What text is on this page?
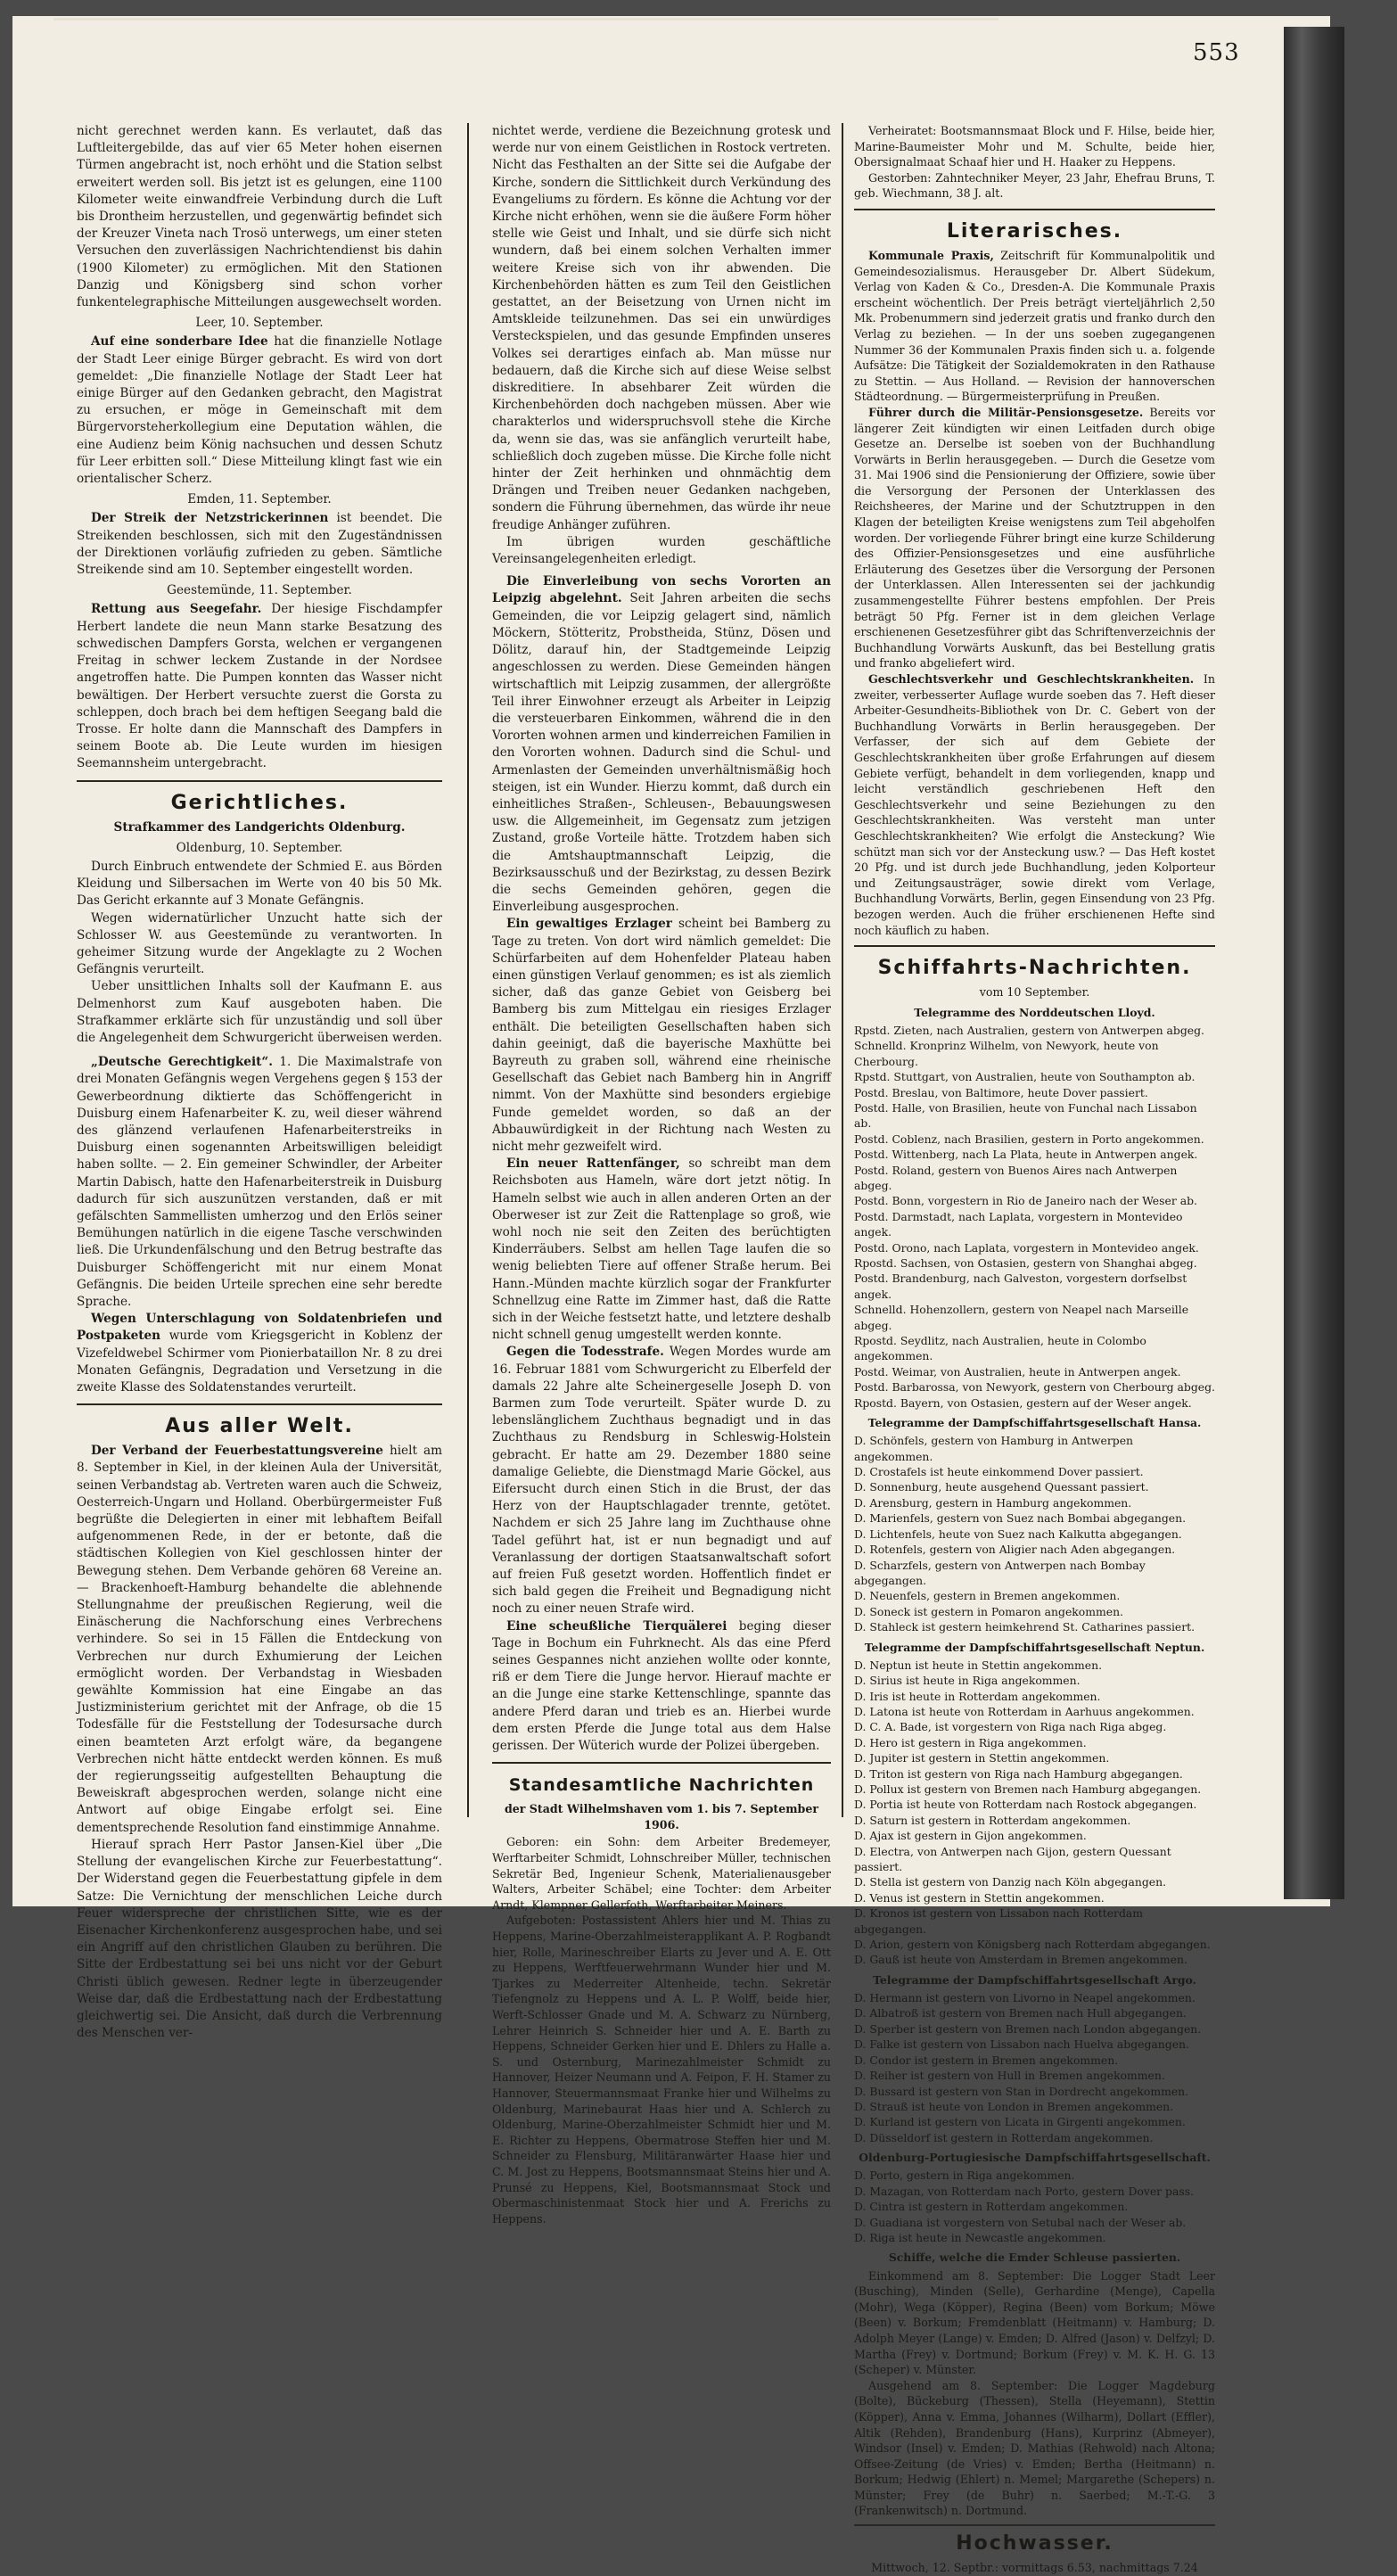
553

nicht gerechnet werden kann. Es verlautet, daß das Luftleitergebilde, das auf vier 65 Meter hohen eisernen Türmen angebracht ist, noch erhöht und die Station selbst erweitert werden soll. Bis jetzt ist es gelungen, eine 1100 Kilometer weite einwandfreie Verbindung durch die Luft bis Drontheim herzustellen, und gegenwärtig befindet sich der Kreuzer Vineta nach Trosö unterwegs, um einer steten Versuchen den zuverlässigen Nachrichtendienst bis dahin (1900 Kilometer) zu ermöglichen. Mit den Stationen Danzig und Königsberg sind schon vorher funkentelegraphische Mitteilungen ausgewechselt worden.

Leer, 10. September.

Auf eine sonderbare Idee hat die finanzielle Notlage der Stadt Leer einige Bürger gebracht. Es wird von dort gemeldet: „Die finanzielle Notlage der Stadt Leer hat einige Bürger auf den Gedanken gebracht, den Magistrat zu ersuchen, er möge in Gemeinschaft mit dem Bürgervorsteherkollegium eine Deputation wählen, die eine Audienz beim König nachsuchen und dessen Schutz für Leer erbitten soll.“ Diese Mitteilung klingt fast wie ein orientalischer Scherz.

Emden, 11. September.

Der Streik der Netzstrickerinnen ist beendet. Die Streikenden beschlossen, sich mit den Zugeständnissen der Direktionen vorläufig zufrieden zu geben. Sämtliche Streikende sind am 10. September eingestellt worden.

Geestemünde, 11. September.

Rettung aus Seegefahr. Der hiesige Fischdampfer Herbert landete die neun Mann starke Besatzung des schwedischen Dampfers Gorsta, welchen er vergangenen Freitag in schwer leckem Zustande in der Nordsee angetroffen hatte. Die Pumpen konnten das Wasser nicht bewältigen. Der Herbert versuchte zuerst die Gorsta zu schleppen, doch brach bei dem heftigen Seegang bald die Trosse. Er holte dann die Mannschaft des Dampfers in seinem Boote ab. Die Leute wurden im hiesigen Seemannsheim untergebracht.

Gerichtliches.
Strafkammer des Landgerichts Oldenburg.
Oldenburg, 10. September.

Durch Einbruch entwendete der Schmied E. aus Börden Kleidung und Silbersachen im Werte von 40 bis 50 Mk. Das Gericht erkannte auf 3 Monate Gefängnis.

Wegen widernatürlicher Unzucht hatte sich der Schlosser W. aus Geestemünde zu verantworten. In geheimer Sitzung wurde der Angeklagte zu 2 Wochen Gefängnis verurteilt.

Ueber unsittlichen Inhalts soll der Kaufmann E. aus Delmenhorst zum Kauf ausgeboten haben. Die Strafkammer erklärte sich für unzuständig und soll über die Angelegenheit dem Schwurgericht überweisen werden.

„Deutsche Gerechtigkeit“. 1. Die Maximalstrafe von drei Monaten Gefängnis wegen Vergehens gegen § 153 der Gewerbeordnung diktierte das Schöffengericht in Duisburg einem Hafenarbeiter K. zu, weil dieser während des glänzend verlaufenen Hafenarbeiterstreiks in Duisburg einen sogenannten Arbeitswilligen beleidigt haben sollte. — 2. Ein gemeiner Schwindler, der Arbeiter Martin Dabisch, hatte den Hafenarbeiterstreik in Duisburg dadurch für sich auszunützen verstanden, daß er mit gefälschten Sammellisten umherzog und den Erlös seiner Bemühungen natürlich in die eigene Tasche verschwinden ließ. Die Urkundenfälschung und den Betrug bestrafte das Duisburger Schöffengericht mit nur einem Monat Gefängnis. Die beiden Urteile sprechen eine sehr beredte Sprache.

Wegen Unterschlagung von Soldatenbriefen und Postpaketen wurde vom Kriegsgericht in Koblenz der Vizefeldwebel Schirmer vom Pionierbataillon Nr. 8 zu drei Monaten Gefängnis, Degradation und Versetzung in die zweite Klasse des Soldatenstandes verurteilt.

Aus aller Welt.

Der Verband der Feuerbestattungsvereine hielt am 8. September in Kiel, in der kleinen Aula der Universität, seinen Verbandstag ab. Vertreten waren auch die Schweiz, Oesterreich-Ungarn und Holland. Oberbürgermeister Fuß begrüßte die Delegierten in einer mit lebhaftem Beifall aufgenommenen Rede, in der er betonte, daß die städtischen Kollegien von Kiel geschlossen hinter der Bewegung stehen. Dem Verbande gehören 68 Vereine an. — Brackenhoeft-Hamburg behandelte die ablehnende Stellungnahme der preußischen Regierung, weil die Einäscherung die Nachforschung eines Verbrechens verhindere. So sei in 15 Fällen die Entdeckung von Verbrechen nur durch Exhumierung der Leichen ermöglicht worden. Der Verbandstag in Wiesbaden gewählte Kommission hat eine Eingabe an das Justizministerium gerichtet mit der Anfrage, ob die 15 Todesfälle für die Feststellung der Todesursache durch einen beamteten Arzt erfolgt wäre, da begangene Verbrechen nicht hätte entdeckt werden können. Es muß der regierungsseitig aufgestellten Behauptung die Beweiskraft abgesprochen werden, solange nicht eine Antwort auf obige Eingabe erfolgt sei. Eine dementsprechende Resolution fand einstimmige Annahme.

Hierauf sprach Herr Pastor Jansen-Kiel über „Die Stellung der evangelischen Kirche zur Feuerbestattung“. Der Widerstand gegen die Feuerbestattung gipfele in dem Satze: Die Vernichtung der menschlichen Leiche durch Feuer widerspreche der christlichen Sitte, wie es der Eisenacher Kirchenkonferenz ausgesprochen habe, und sei ein Angriff auf den christlichen Glauben zu berühren. Die Sitte der Erdbestattung sei bei uns nicht vor der Geburt Christi üblich gewesen. Redner legte in überzeugender Weise dar, daß die Erdbestattung nach der Erdbestattung gleichwertig sei. Die Ansicht, daß durch die Verbrennung des Menschen ver-

nichtet werde, verdiene die Bezeichnung grotesk und werde nur von einem Geistlichen in Rostock vertreten. Nicht das Festhalten an der Sitte sei die Aufgabe der Kirche, sondern die Sittlichkeit durch Verkündung des Evangeliums zu fördern. Es könne die Achtung vor der Kirche nicht erhöhen, wenn sie die äußere Form höher stelle wie Geist und Inhalt, und sie dürfe sich nicht wundern, daß bei einem solchen Verhalten immer weitere Kreise sich von ihr abwenden. Die Kirchenbehörden hätten es zum Teil den Geistlichen gestattet, an der Beisetzung von Urnen nicht im Amtskleide teilzunehmen. Das sei ein unwürdiges Versteckspielen, und das gesunde Empfinden unseres Volkes sei derartiges einfach ab. Man müsse nur bedauern, daß die Kirche sich auf diese Weise selbst diskreditiere. In absehbarer Zeit würden die Kirchenbehörden doch nachgeben müssen. Aber wie charakterlos und widerspruchsvoll stehe die Kirche da, wenn sie das, was sie anfänglich verurteilt habe, schließlich doch zugeben müsse. Die Kirche folle nicht hinter der Zeit herhinken und ohnmächtig dem Drängen und Treiben neuer Gedanken nachgeben, sondern die Führung übernehmen, das würde ihr neue freudige Anhänger zuführen.

Im übrigen wurden geschäftliche Vereinsangelegenheiten erledigt.

Die Einverleibung von sechs Vororten an Leipzig abgelehnt. Seit Jahren arbeiten die sechs Gemeinden, die vor Leipzig gelagert sind, nämlich Möckern, Stötteritz, Probstheida, Stünz, Dösen und Dölitz, darauf hin, der Stadtgemeinde Leipzig angeschlossen zu werden. Diese Gemeinden hängen wirtschaftlich mit Leipzig zusammen, der allergrößte Teil ihrer Einwohner erzeugt als Arbeiter in Leipzig die versteuerbaren Einkommen, während die in den Vororten wohnen armen und kinderreichen Familien in den Vororten wohnen. Dadurch sind die Schul- und Armenlasten der Gemeinden unverhältnismäßig hoch steigen, ist ein Wunder. Hierzu kommt, daß durch ein einheitliches Straßen-, Schleusen-, Bebauungswesen usw. die Allgemeinheit, im Gegensatz zum jetzigen Zustand, große Vorteile hätte. Trotzdem haben sich die Amtshauptmannschaft Leipzig, die Bezirksausschuß und der Bezirkstag, zu dessen Bezirk die sechs Gemeinden gehören, gegen die Einverleibung ausgesprochen.

Ein gewaltiges Erzlager scheint bei Bamberg zu Tage zu treten. Von dort wird nämlich gemeldet: Die Schürfarbeiten auf dem Hohenfelder Plateau haben einen günstigen Verlauf genommen; es ist als ziemlich sicher, daß das ganze Gebiet von Geisberg bei Bamberg bis zum Mittelgau ein riesiges Erzlager enthält. Die beteiligten Gesellschaften haben sich dahin geeinigt, daß die bayerische Maxhütte bei Bayreuth zu graben soll, während eine rheinische Gesellschaft das Gebiet nach Bamberg hin in Angriff nimmt. Von der Maxhütte sind besonders ergiebige Funde gemeldet worden, so daß an der Abbauwürdigkeit in der Richtung nach Westen zu nicht mehr gezweifelt wird.

Ein neuer Rattenfänger, so schreibt man dem Reichsboten aus Hameln, wäre dort jetzt nötig. In Hameln selbst wie auch in allen anderen Orten an der Oberweser ist zur Zeit die Rattenplage so groß, wie wohl noch nie seit den Zeiten des berüchtigten Kinderräubers. Selbst am hellen Tage laufen die so wenig beliebten Tiere auf offener Straße herum. Bei Hann.-Münden machte kürzlich sogar der Frankfurter Schnellzug eine Ratte im Zimmer hast, daß die Ratte sich in der Weiche festsetzt hatte, und letztere deshalb nicht schnell genug umgestellt werden konnte.

Gegen die Todesstrafe. Wegen Mordes wurde am 16. Februar 1881 vom Schwurgericht zu Elberfeld der damals 22 Jahre alte Scheinergeselle Joseph D. von Barmen zum Tode verurteilt. Später wurde D. zu lebenslänglichem Zuchthaus begnadigt und in das Zuchthaus zu Rendsburg in Schleswig-Holstein gebracht. Er hatte am 29. Dezember 1880 seine damalige Geliebte, die Dienstmagd Marie Göckel, aus Eifersucht durch einen Stich in die Brust, der das Herz von der Hauptschlagader trennte, getötet. Nachdem er sich 25 Jahre lang im Zuchthause ohne Tadel geführt hat, ist er nun begnadigt und auf Veranlassung der dortigen Staatsanwaltschaft sofort auf freien Fuß gesetzt worden. Hoffentlich findet er sich bald gegen die Freiheit und Begnadigung nicht noch zu einer neuen Strafe wird.

Eine scheußliche Tierquälerei beging dieser Tage in Bochum ein Fuhrknecht. Als das eine Pferd seines Gespannes nicht anziehen wollte oder konnte, riß er dem Tiere die Junge hervor. Hierauf machte er an die Junge eine starke Kettenschlinge, spannte das andere Pferd daran und trieb es an. Hierbei wurde dem ersten Pferde die Junge total aus dem Halse gerissen. Der Wüterich wurde der Polizei übergeben.

Standesamtliche Nachrichten
der Stadt Wilhelmshaven vom 1. bis 7. September 1906.

Geboren: ein Sohn: dem Arbeiter Bredemeyer, Werftarbeiter Schmidt, Lohnschreiber Müller, technischen Sekretär Bed, Ingenieur Schenk, Materialienausgeber Walters, Arbeiter Schäbel; eine Tochter: dem Arbeiter Arndt, Klempner Gellerfoth, Werftarbeiter Meiners.

Aufgeboten: Postassistent Ahlers hier und M. Thias zu Heppens, Marine-Oberzahlmeisterapplikant A. P. Rogbandt hier, Rolle, Marineschreiber Elarts zu Jever und A. E. Ott zu Heppens, Werftfeuerwehrmann Wunder hier und M. Tjarkes zu Mederreiter Altenheide, techn. Sekretär Tiefengnolz zu Heppens und A. L. P. Wolff, beide hier, Werft-Schlosser Gnade und M. A. Schwarz zu Nürnberg, Lehrer Heinrich S. Schneider hier und A. E. Barth zu Heppens, Schneider Gerken hier und E. Dhlers zu Halle a. S. und Osternburg, Marinezahlmeister Schmidt zu Hannover, Heizer Neumann und A. Feipon, F. H. Stamer zu Hannover, Steuermannsmaat Franke hier und Wilhelms zu Oldenburg, Marinebaurat Haas hier und A. Schlerch zu Oldenburg, Marine-Oberzahlmeister Schmidt hier und M. E. Richter zu Heppens, Obermatrose Steffen hier und M. Schneider zu Flensburg, Militäranwärter Haase hier und C. M. Jost zu Heppens, Bootsmannsmaat Steins hier und A. Prunsé zu Heppens, Kiel, Bootsmannsmaat Stock und Obermaschinistenmaat Stock hier und A. Frerichs zu Heppens.

Verheiratet: Bootsmannsmaat Block und F. Hilse, beide hier, Marine-Baumeister Mohr und M. Schulte, beide hier, Obersignalmaat Schaaf hier und H. Haaker zu Heppens.

Gestorben: Zahntechniker Meyer, 23 Jahr, Ehefrau Bruns, T. geb. Wiechmann, 38 J. alt.

Literarisches.

Kommunale Praxis, Zeitschrift für Kommunalpolitik und Gemeindesozialismus. Herausgeber Dr. Albert Südekum, Verlag von Kaden & Co., Dresden-A. Die Kommunale Praxis erscheint wöchentlich. Der Preis beträgt vierteljährlich 2,50 Mk. Probenummern sind jederzeit gratis und franko durch den Verlag zu beziehen. — In der uns soeben zugegangenen Nummer 36 der Kommunalen Praxis finden sich u. a. folgende Aufsätze: Die Tätigkeit der Sozialdemokraten in den Rathause zu Stettin. — Aus Holland. — Revision der hannoverschen Städteordnung. — Bürgermeisterprüfung in Preußen.

Führer durch die Militär-Pensionsgesetze. Bereits vor längerer Zeit kündigten wir einen Leitfaden durch obige Gesetze an. Derselbe ist soeben von der Buchhandlung Vorwärts in Berlin herausgegeben. — Durch die Gesetze vom 31. Mai 1906 sind die Pensionierung der Offiziere, sowie über die Versorgung der Personen der Unterklassen des Reichsheeres, der Marine und der Schutztruppen in den Klagen der beteiligten Kreise wenigstens zum Teil abgeholfen worden. Der vorliegende Führer bringt eine kurze Schilderung des Offizier-Pensionsgesetzes und eine ausführliche Erläuterung des Gesetzes über die Versorgung der Personen der Unterklassen. Allen Interessenten sei der jachkundig zusammengestellte Führer bestens empfohlen. Der Preis beträgt 50 Pfg. Ferner ist in dem gleichen Verlage erschienenen Gesetzesführer gibt das Schriftenverzeichnis der Buchhandlung Vorwärts Auskunft, das bei Bestellung gratis und franko abgeliefert wird.

Geschlechtsverkehr und Geschlechtskrankheiten. In zweiter, verbesserter Auflage wurde soeben das 7. Heft dieser Arbeiter-Gesundheits-Bibliothek von Dr. C. Gebert von der Buchhandlung Vorwärts in Berlin herausgegeben. Der Verfasser, der sich auf dem Gebiete der Geschlechtskrankheiten über große Erfahrungen auf diesem Gebiete verfügt, behandelt in dem vorliegenden, knapp und leicht verständlich geschriebenen Heft den Geschlechtsverkehr und seine Beziehungen zu den Geschlechtskrankheiten. Was versteht man unter Geschlechtskrankheiten? Wie erfolgt die Ansteckung? Wie schützt man sich vor der Ansteckung usw.? — Das Heft kostet 20 Pfg. und ist durch jede Buchhandlung, jeden Kolporteur und Zeitungsausträger, sowie direkt vom Verlage, Buchhandlung Vorwärts, Berlin, gegen Einsendung von 23 Pfg. bezogen werden. Auch die früher erschienenen Hefte sind noch käuflich zu haben.

Schiffahrts-Nachrichten.
vom 10 September.
Telegramme des Norddeutschen Lloyd.
Rpstd. Zieten, nach Australien, gestern von Antwerpen abgeg.
Schnelld. Kronprinz Wilhelm, von Newyork, heute von Cherbourg.
Rpstd. Stuttgart, von Australien, heute von Southampton ab.
Postd. Breslau, von Baltimore, heute Dover passiert.
Postd. Halle, von Brasilien, heute von Funchal nach Lissabon ab.
Postd. Coblenz, nach Brasilien, gestern in Porto angekommen.
Postd. Wittenberg, nach La Plata, heute in Antwerpen angek.
Postd. Roland, gestern von Buenos Aires nach Antwerpen abgeg.
Postd. Bonn, vorgestern in Rio de Janeiro nach der Weser ab.
Postd. Darmstadt, nach Laplata, vorgestern in Montevideo angek.
Postd. Orono, nach Laplata, vorgestern in Montevideo angek.
Rpostd. Sachsen, von Ostasien, gestern von Shanghai abgeg.
Postd. Brandenburg, nach Galveston, vorgestern dorfselbst angek.
Schnelld. Hohenzollern, gestern von Neapel nach Marseille abgeg.
Rpostd. Seydlitz, nach Australien, heute in Colombo angekommen.
Postd. Weimar, von Australien, heute in Antwerpen angek.
Postd. Barbarossa, von Newyork, gestern von Cherbourg abgeg.
Rpostd. Bayern, von Ostasien, gestern auf der Weser angek.
Telegramme der Dampfschiffahrtsgesellschaft Hansa.
D. Schönfels, gestern von Hamburg in Antwerpen angekommen.
D. Crostafels ist heute einkommend Dover passiert.
D. Sonnenburg, heute ausgehend Quessant passiert.
D. Arensburg, gestern in Hamburg angekommen.
D. Marienfels, gestern von Suez nach Bombai abgegangen.
D. Lichtenfels, heute von Suez nach Kalkutta abgegangen.
D. Rotenfels, gestern von Aligier nach Aden abgegangen.
D. Scharzfels, gestern von Antwerpen nach Bombay abgegangen.
D. Neuenfels, gestern in Bremen angekommen.
D. Soneck ist gestern in Pomaron angekommen.
D. Stahleck ist gestern heimkehrend St. Catharines passiert.
Telegramme der Dampfschiffahrtsgesellschaft Neptun.
D. Neptun ist heute in Stettin angekommen.
D. Sirius ist heute in Riga angekommen.
D. Iris ist heute in Rotterdam angekommen.
D. Latona ist heute von Rotterdam in Aarhuus angekommen.
D. C. A. Bade, ist vorgestern von Riga nach Riga abgeg.
D. Hero ist gestern in Riga angekommen.
D. Jupiter ist gestern in Stettin angekommen.
D. Triton ist gestern von Riga nach Hamburg abgegangen.
D. Pollux ist gestern von Bremen nach Hamburg abgegangen.
D. Portia ist heute von Rotterdam nach Rostock abgegangen.
D. Saturn ist gestern in Rotterdam angekommen.
D. Ajax ist gestern in Gijon angekommen.
D. Electra, von Antwerpen nach Gijon, gestern Quessant passiert.
D. Stella ist gestern von Danzig nach Köln abgegangen.
D. Venus ist gestern in Stettin angekommen.
D. Kronos ist gestern von Lissabon nach Rotterdam abgegangen.
D. Arion, gestern von Königsberg nach Rotterdam abgegangen.
D. Gauß ist heute von Amsterdam in Bremen angekommen.
Telegramme der Dampfschiffahrtsgesellschaft Argo.
D. Hermann ist gestern von Livorno in Neapel angekommen.
D. Albatroß ist gestern von Bremen nach Hull abgegangen.
D. Sperber ist gestern von Bremen nach London abgegangen.
D. Falke ist gestern von Lissabon nach Huelva abgegangen.
D. Condor ist gestern in Bremen angekommen.
D. Reiher ist gestern von Hull in Bremen angekommen.
D. Bussard ist gestern von Stan in Dordrecht angekommen.
D. Strauß ist heute von London in Bremen angekommen.
D. Kurland ist gestern von Licata in Girgenti angekommen.
D. Düsseldorf ist gestern in Rotterdam angekommen.
Oldenburg-Portugiesische Dampfschiffahrtsgesellschaft.
D. Porto, gestern in Riga angekommen.
D. Mazagan, von Rotterdam nach Porto, gestern Dover pass.
D. Cintra ist gestern in Rotterdam angekommen.
D. Guadiana ist vorgestern von Setubal nach der Weser ab.
D. Riga ist heute in Newcastle angekommen.
Schiffe, welche die Emder Schleuse passierten.

Einkommend am 8. September: Die Logger Stadt Leer (Busching), Minden (Selle), Gerhardine (Menge), Capella (Mohr), Wega (Köpper), Regina (Been) vom Borkum; Möwe (Been) v. Borkum; Fremdenblatt (Heitmann) v. Hamburg; D. Adolph Meyer (Lange) v. Emden; D. Alfred (Jason) v. Delfzyl; D. Martha (Frey) v. Dortmund; Borkum (Frey) v. M. K. H. G. 13 (Scheper) v. Münster.

Ausgehend am 8. September: Die Logger Magdeburg (Bolte), Bückeburg (Thessen), Stella (Heyemann), Stettin (Köpper), Anna v. Emma, Johannes (Wilharm), Dollart (Effler), Altik (Rehden), Brandenburg (Hans), Kurprinz (Abmeyer), Windsor (Insel) v. Emden; D. Mathias (Rehwold) nach Altona; Offsee-Zeitung (de Vries) v. Emden; Bertha (Heitmann) n. Borkum; Hedwig (Ehlert) n. Memel; Margarethe (Schepers) n. Münster; Frey (de Buhr) n. Saerbed; M.-T.-G. 3 (Frankenwitsch) n. Dortmund.

Hochwasser.
Mittwoch, 12. Septbr.: vormittags 6.53, nachmittags 7.24
